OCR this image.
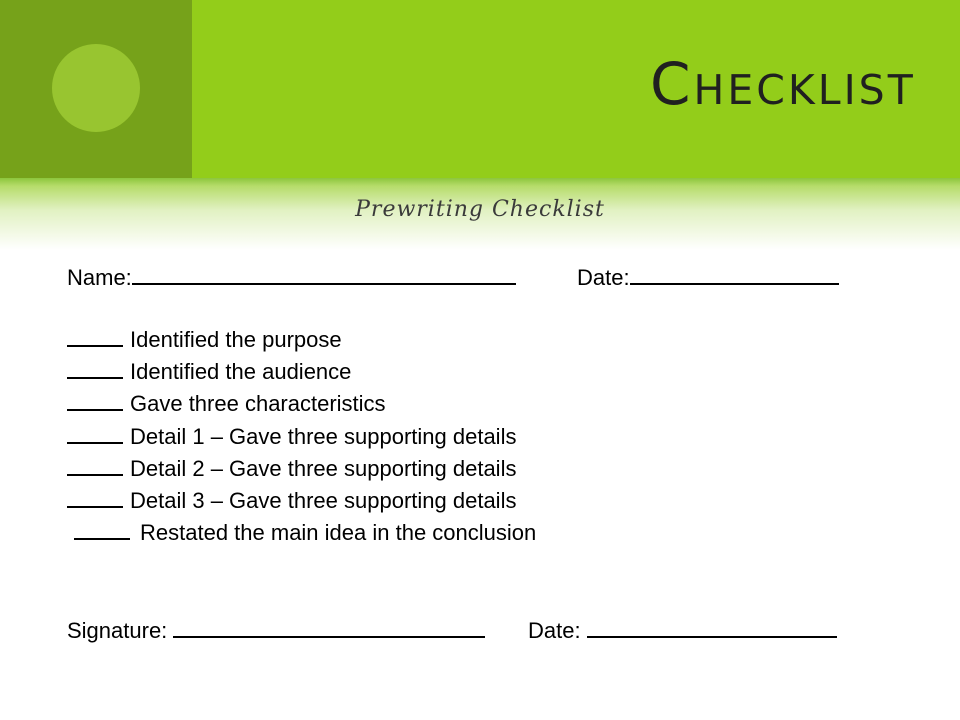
Checklist
Prewriting Checklist
Name:	Date:
Identified the purpose
Identified the audience
Gave three characteristics
Detail 1 – Gave three supporting details
Detail 2 – Gave three supporting details
Detail 3 – Gave three supporting details
Restated the main idea in the conclusion
Signature:	Date:
